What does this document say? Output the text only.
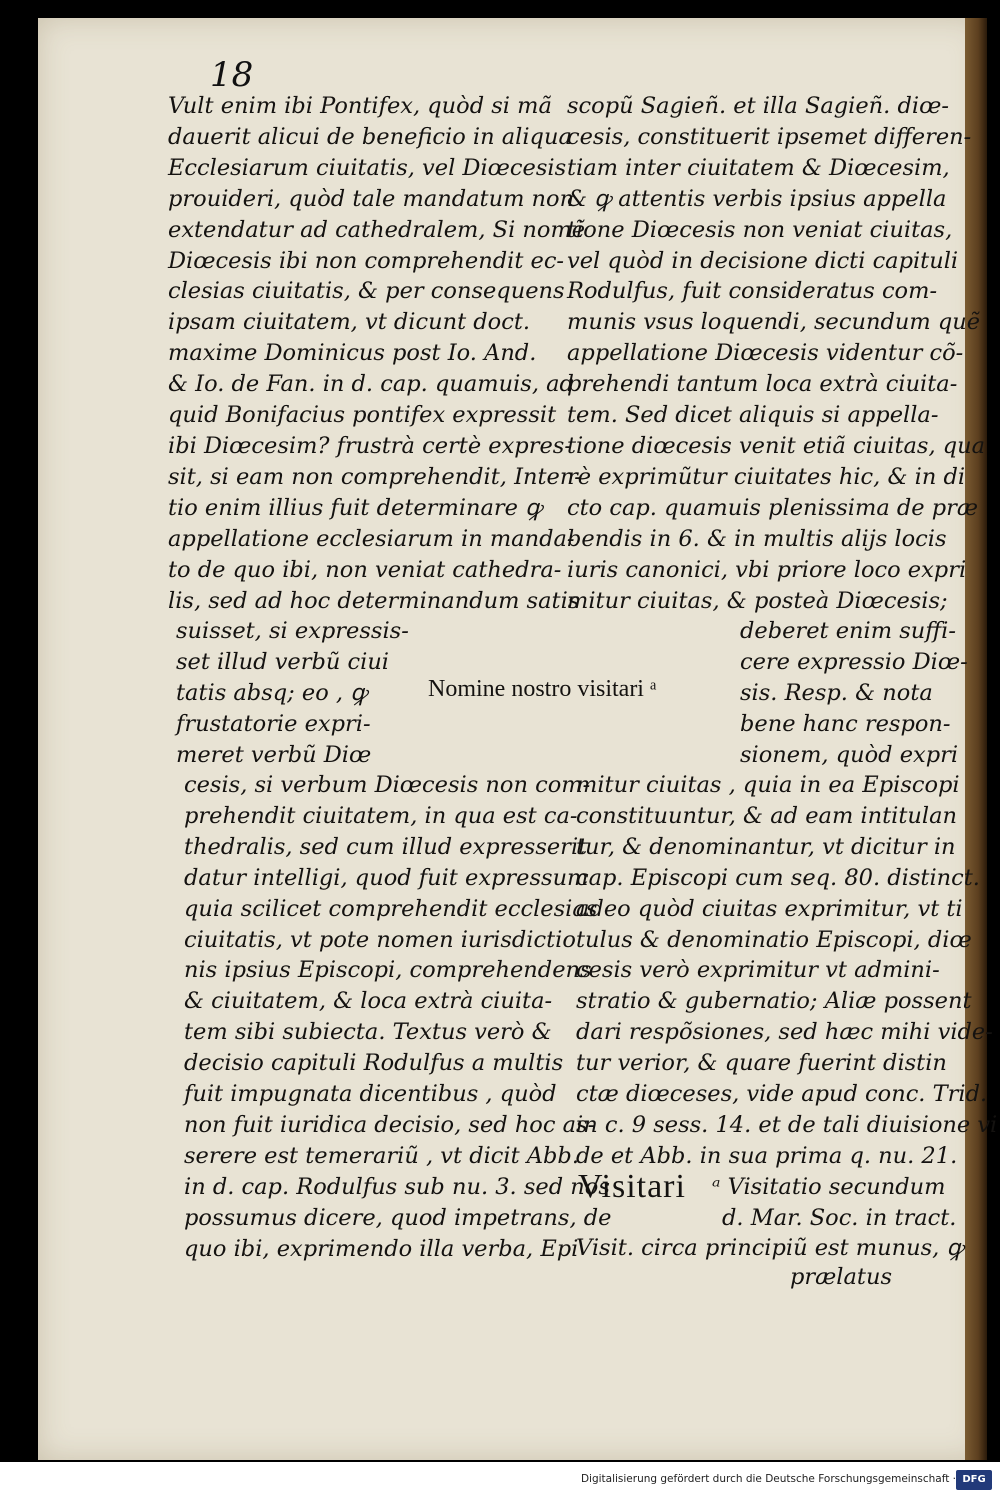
18
Vult enim ibi Pontifex, quòd si mã
dauerit alicui de beneficio in aliqua
Ecclesiarum ciuitatis, vel Diœcesis
prouideri, quòd tale mandatum non
extendatur ad cathedralem, Si nomẽ
Diœcesis ibi non comprehendit ec-
clesias ciuitatis, & per consequens
ipsam ciuitatem, vt dicunt doct.
maxime Dominicus post Io. And.
& Io. de Fan. in d. cap. quamuis, ad
quid Bonifacius pontifex expressit
ibi Diœcesim? frustrà certè expres-
sit, si eam non comprehendit, Inten-
tio enim illius fuit determinare ꝙ
appellatione ecclesiarum in manda-
to de quo ibi, non veniat cathedra-
lis, sed ad hoc determinandum satis
suisset, si expressis-
set illud verbũ ciui
tatis absq; eo , ꝙ
frustatorie expri-
meret verbũ Diœ
cesis, si verbum Diœcesis non com-
prehendit ciuitatem, in qua est ca-
thedralis, sed cum illud expresserit
datur intelligi, quod fuit expressum
quia scilicet comprehendit ecclesias
ciuitatis, vt pote nomen iurisdictio
nis ipsius Episcopi, comprehendens
& ciuitatem, & loca extrà ciuita-
tem sibi subiecta. Textus verò &
decisio capituli Rodulfus a multis
fuit impugnata dicentibus , quòd
non fuit iuridica decisio, sed hoc as-
serere est temerariũ , vt dicit Abb.
in d. cap. Rodulfus sub nu. 3. sed nos
possumus dicere, quod impetrans, de
quo ibi, exprimendo illa verba, Epi
Nomine nostro visitari ᵃ
scopũ Sagieñ. et illa Sagieñ. diœ-
cesis, constituerit ipsemet differen-
tiam inter ciuitatem & Diœcesim,
& ꝙ attentis verbis ipsius appella
tione Diœcesis non veniat ciuitas,
vel quòd in decisione dicti capituli
Rodulfus, fuit consideratus com-
munis vsus loquendi, secundum quẽ
appellatione Diœcesis videntur cõ-
prehendi tantum loca extrà ciuita-
tem. Sed dicet aliquis si appella-
tione diœcesis venit etiã ciuitas, qua
rè exprimũtur ciuitates hic, & in di
cto cap. quamuis plenissima de præ
bendis in 6. & in multis alijs locis
iuris canonici, vbi priore loco expri
mitur ciuitas, & posteà Diœcesis;
deberet enim suffi-
cere expressio Diœ-
sis. Resp. & nota
bene hanc respon-
sionem, quòd expri
mitur ciuitas , quia in ea Episcopi
constituuntur, & ad eam intitulan
tur, & denominantur, vt dicitur in
cap. Episcopi cum seq. 80. distinct.
adeo quòd ciuitas exprimitur, vt ti
tulus & denominatio Episcopi, diœ
cesis verò exprimitur vt admini-
stratio & gubernatio; Aliæ possent
dari respõsiones, sed hæc mihi vide-
tur verior, & quare fuerint distin
ctæ diœceses, vide apud conc. Trid.
in c. 9 sess. 14. et de tali diuisione vi
de et Abb. in sua prima q. nu. 21.
Visitari ᵃ Visitatio secundum
d. Mar. Soc. in tract.
Visit. circa principiũ est munus, ꝙ
prælatus
Digitalisierung gefördert durch die Deutsche Forschungsgemeinschaft · DFG
